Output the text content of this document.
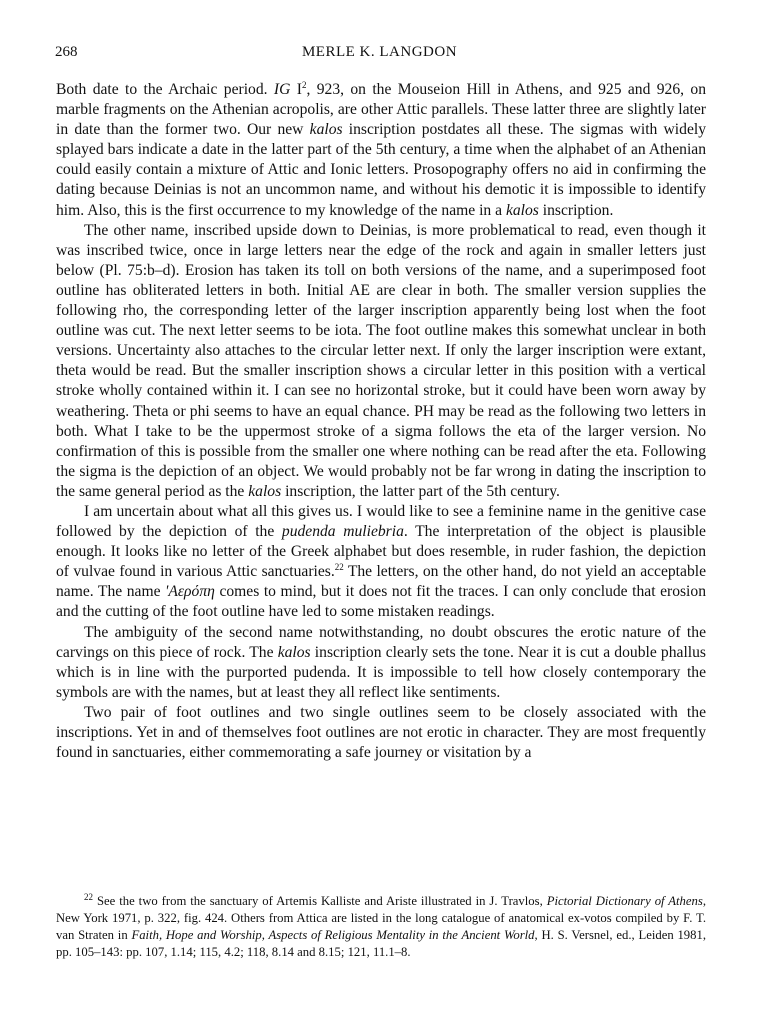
268	MERLE K. LANGDON

Both date to the Archaic period. IG $I^2$, 923, on the Mouseion Hill in Athens, and 925 and 926, on marble fragments on the Athenian acropolis, are other Attic parallels. These latter three are slightly later in date than the former two. Our new kalos inscription postdates all these. The sigmas with widely splayed bars indicate a date in the latter part of the 5th century, a time when the alphabet of an Athenian could easily contain a mixture of Attic and Ionic letters. Prosopography offers no aid in confirming the dating because Deinias is not an uncommon name, and without his demotic it is impossible to identify him. Also, this is the first occurrence to my knowledge of the name in a kalos inscription.

The other name, inscribed upside down to Deinias, is more problematical to read, even though it was inscribed twice, once in large letters near the edge of the rock and again in smaller letters just below (Pl. 75:b–d). Erosion has taken its toll on both versions of the name, and a superimposed foot outline has obliterated letters in both. Initial AE are clear in both. The smaller version supplies the following rho, the corresponding letter of the larger inscription apparently being lost when the foot outline was cut. The next letter seems to be iota. The foot outline makes this somewhat unclear in both versions. Uncertainty also attaches to the circular letter next. If only the larger inscription were extant, theta would be read. But the smaller inscription shows a circular letter in this position with a vertical stroke wholly contained within it. I can see no horizontal stroke, but it could have been worn away by weathering. Theta or phi seems to have an equal chance. PH may be read as the following two letters in both. What I take to be the uppermost stroke of a sigma follows the eta of the larger version. No confirmation of this is possible from the smaller one where nothing can be read after the eta. Following the sigma is the depiction of an object. We would probably not be far wrong in dating the inscription to the same general period as the kalos inscription, the latter part of the 5th century.

I am uncertain about what all this gives us. I would like to see a feminine name in the genitive case followed by the depiction of the pudenda muliebria. The interpretation of the object is plausible enough. It looks like no letter of the Greek alphabet but does resemble, in ruder fashion, the depiction of vulvae found in various Attic sanctuaries.$^{22}$ The letters, on the other hand, do not yield an acceptable name. The name 'Αερόπη comes to mind, but it does not fit the traces. I can only conclude that erosion and the cutting of the foot outline have led to some mistaken readings.

The ambiguity of the second name notwithstanding, no doubt obscures the erotic nature of the carvings on this piece of rock. The kalos inscription clearly sets the tone. Near it is cut a double phallus which is in line with the purported pudenda. It is impossible to tell how closely contemporary the symbols are with the names, but at least they all reflect like sentiments.

Two pair of foot outlines and two single outlines seem to be closely associated with the inscriptions. Yet in and of themselves foot outlines are not erotic in character. They are most frequently found in sanctuaries, either commemorating a safe journey or visitation by a

$^{22}$ See the two from the sanctuary of Artemis Kalliste and Ariste illustrated in J. Travlos, Pictorial Dictionary of Athens, New York 1971, p. 322, fig. 424. Others from Attica are listed in the long catalogue of anatomical ex-votos compiled by F. T. van Straten in Faith, Hope and Worship, Aspects of Religious Mentality in the Ancient World, H. S. Versnel, ed., Leiden 1981, pp. 105–143: pp. 107, 1.14; 115, 4.2; 118, 8.14 and 8.15; 121, 11.1–8.
